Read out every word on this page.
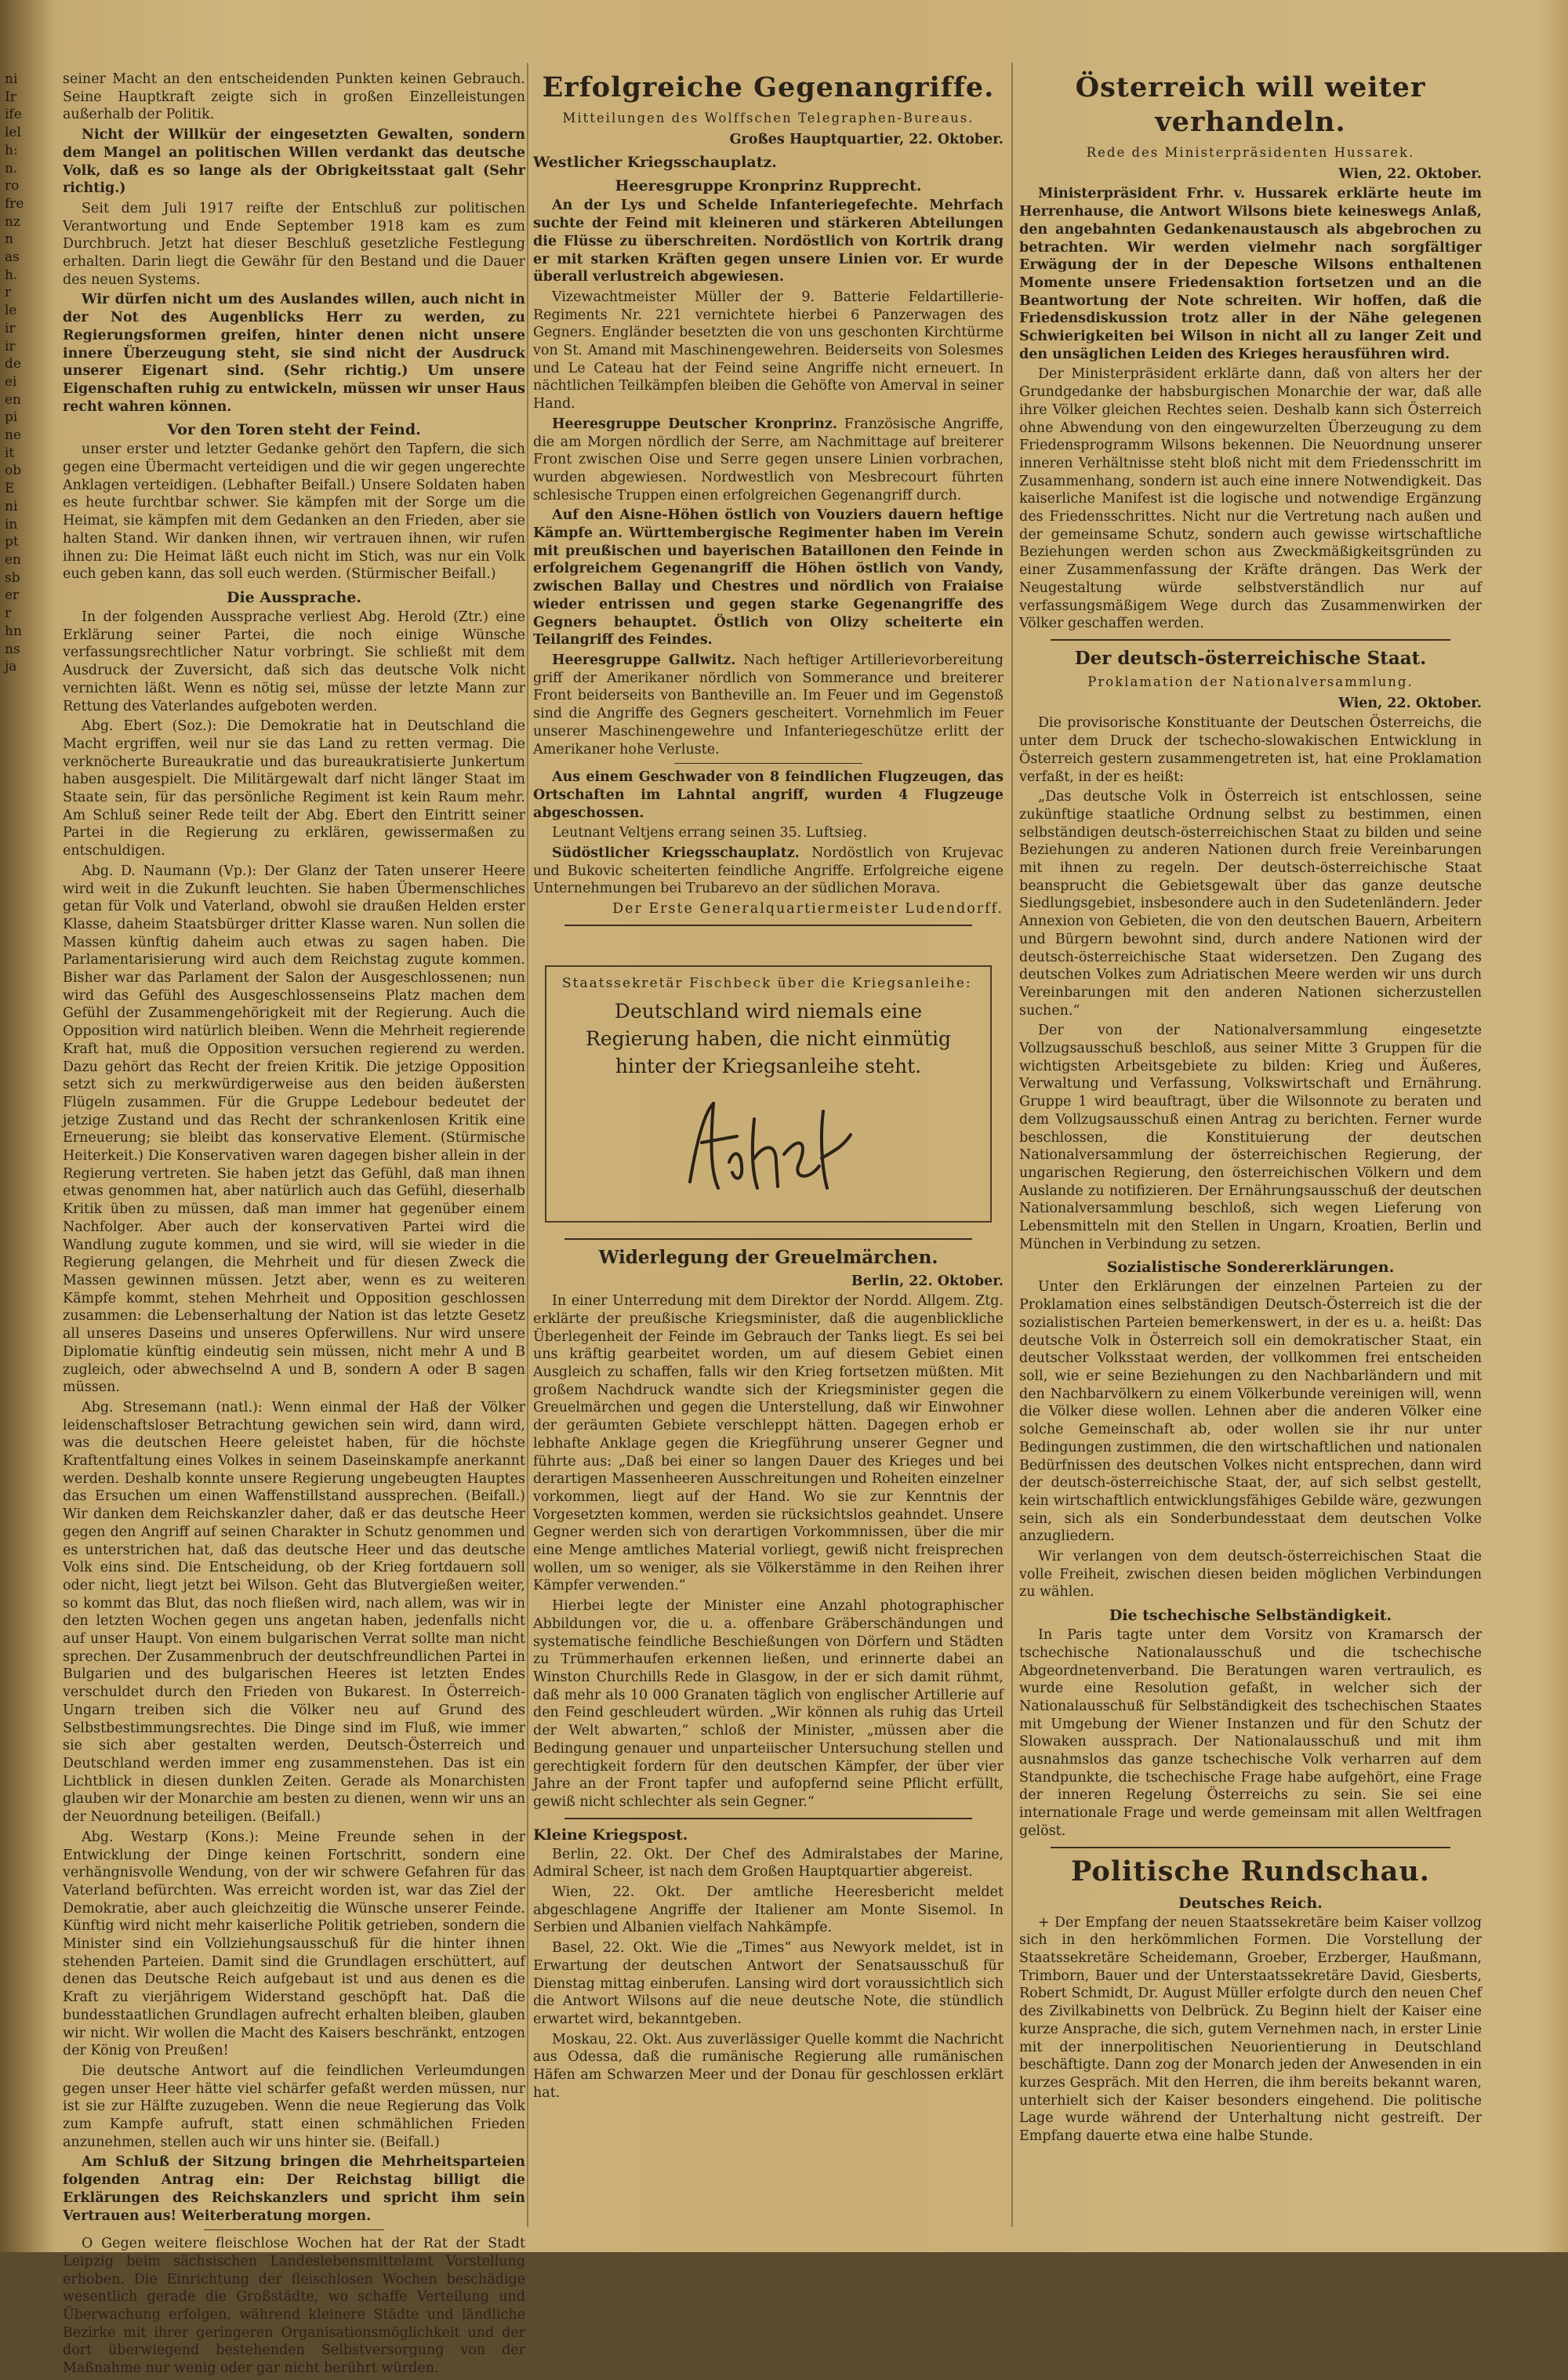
ni
Ir
ife
lel
h:
n.
ro
fre
nz
n
as
h.
r
le
ir
ir
de
ei
en
pi
ne
it
ob
E
ni
in
pt
en
sb
er
r
hn
ns
ja

seiner Macht an den entscheidenden Punkten keinen Gebrauch. Seine Hauptkraft zeigte sich in großen Einzelleistungen außerhalb der Politik.

Nicht der Willkür der eingesetzten Gewalten, sondern dem Mangel an politischen Willen verdankt das deutsche Volk, daß es so lange als der Obrigkeitsstaat galt (Sehr richtig.)

Seit dem Juli 1917 reifte der Entschluß zur politischen Verantwortung und Ende September 1918 kam es zum Durchbruch. Jetzt hat dieser Beschluß gesetzliche Festlegung erhalten. Darin liegt die Gewähr für den Bestand und die Dauer des neuen Systems.

Wir dürfen nicht um des Auslandes willen, auch nicht in der Not des Augenblicks Herr zu werden, zu Regierungsformen greifen, hinter denen nicht unsere innere Überzeugung steht, sie sind nicht der Ausdruck unserer Eigenart sind. (Sehr richtig.) Um unsere Eigenschaften ruhig zu entwickeln, müssen wir unser Haus recht wahren können.

Vor den Toren steht der Feind.

unser erster und letzter Gedanke gehört den Tapfern, die sich gegen eine Übermacht verteidigen und die wir gegen ungerechte Anklagen verteidigen. (Lebhafter Beifall.) Unsere Soldaten haben es heute furchtbar schwer. Sie kämpfen mit der Sorge um die Heimat, sie kämpfen mit dem Gedanken an den Frieden, aber sie halten Stand. Wir danken ihnen, wir vertrauen ihnen, wir rufen ihnen zu: Die Heimat läßt euch nicht im Stich, was nur ein Volk euch geben kann, das soll euch werden. (Stürmischer Beifall.)

Die Aussprache.

In der folgenden Aussprache verliest Abg. Herold (Ztr.) eine Erklärung seiner Partei, die noch einige Wünsche verfassungsrechtlicher Natur vorbringt. Sie schließt mit dem Ausdruck der Zuversicht, daß sich das deutsche Volk nicht vernichten läßt. Wenn es nötig sei, müsse der letzte Mann zur Rettung des Vaterlandes aufgeboten werden.

Abg. Ebert (Soz.): Die Demokratie hat in Deutschland die Macht ergriffen, weil nur sie das Land zu retten vermag. Die verknöcherte Bureaukratie und das bureaukratisierte Junkertum haben ausgespielt. Die Militärgewalt darf nicht länger Staat im Staate sein, für das persönliche Regiment ist kein Raum mehr. Am Schluß seiner Rede teilt der Abg. Ebert den Eintritt seiner Partei in die Regierung zu erklären, gewissermaßen zu entschuldigen.

Abg. D. Naumann (Vp.): Der Glanz der Taten unserer Heere wird weit in die Zukunft leuchten. Sie haben Übermenschliches getan für Volk und Vaterland, obwohl sie draußen Helden erster Klasse, daheim Staatsbürger dritter Klasse waren. Nun sollen die Massen künftig daheim auch etwas zu sagen haben. Die Parlamentarisierung wird auch dem Reichstag zugute kommen. Bisher war das Parlament der Salon der Ausgeschlossenen; nun wird das Gefühl des Ausgeschlossenseins Platz machen dem Gefühl der Zusammengehörigkeit mit der Regierung. Auch die Opposition wird natürlich bleiben. Wenn die Mehrheit regierende Kraft hat, muß die Opposition versuchen regierend zu werden. Dazu gehört das Recht der freien Kritik. Die jetzige Opposition setzt sich zu merkwürdigerweise aus den beiden äußersten Flügeln zusammen. Für die Gruppe Ledebour bedeutet der jetzige Zustand und das Recht der schrankenlosen Kritik eine Erneuerung; sie bleibt das konservative Element. (Stürmische Heiterkeit.) Die Konservativen waren dagegen bisher allein in der Regierung vertreten. Sie haben jetzt das Gefühl, daß man ihnen etwas genommen hat, aber natürlich auch das Gefühl, dieserhalb Kritik üben zu müssen, daß man immer hat gegenüber einem Nachfolger. Aber auch der konservativen Partei wird die Wandlung zugute kommen, und sie wird, will sie wieder in die Regierung gelangen, die Mehrheit und für diesen Zweck die Massen gewinnen müssen. Jetzt aber, wenn es zu weiteren Kämpfe kommt, stehen Mehrheit und Opposition geschlossen zusammen: die Lebenserhaltung der Nation ist das letzte Gesetz all unseres Daseins und unseres Opferwillens. Nur wird unsere Diplomatie künftig eindeutig sein müssen, nicht mehr A und B zugleich, oder abwechselnd A und B, sondern A oder B sagen müssen.

Abg. Stresemann (natl.): Wenn einmal der Haß der Völker leidenschaftsloser Betrachtung gewichen sein wird, dann wird, was die deutschen Heere geleistet haben, für die höchste Kraftentfaltung eines Volkes in seinem Daseinskampfe anerkannt werden. Deshalb konnte unsere Regierung ungebeugten Hauptes das Ersuchen um einen Waffenstillstand aussprechen. (Beifall.) Wir danken dem Reichskanzler daher, daß er das deutsche Heer gegen den Angriff auf seinen Charakter in Schutz genommen und es unterstrichen hat, daß das deutsche Heer und das deutsche Volk eins sind. Die Entscheidung, ob der Krieg fortdauern soll oder nicht, liegt jetzt bei Wilson. Geht das Blutvergießen weiter, so kommt das Blut, das noch fließen wird, nach allem, was wir in den letzten Wochen gegen uns angetan haben, jedenfalls nicht auf unser Haupt. Von einem bulgarischen Verrat sollte man nicht sprechen. Der Zusammenbruch der deutschfreundlichen Partei in Bulgarien und des bulgarischen Heeres ist letzten Endes verschuldet durch den Frieden von Bukarest. In Österreich-Ungarn treiben sich die Völker neu auf Grund des Selbstbestimmungsrechtes. Die Dinge sind im Fluß, wie immer sie sich aber gestalten werden, Deutsch-Österreich und Deutschland werden immer eng zusammenstehen. Das ist ein Lichtblick in diesen dunklen Zeiten. Gerade als Monarchisten glauben wir der Monarchie am besten zu dienen, wenn wir uns an der Neuordnung beteiligen. (Beifall.)

Abg. Westarp (Kons.): Meine Freunde sehen in der Entwicklung der Dinge keinen Fortschritt, sondern eine verhängnisvolle Wendung, von der wir schwere Gefahren für das Vaterland befürchten. Was erreicht worden ist, war das Ziel der Demokratie, aber auch gleichzeitig die Wünsche unserer Feinde. Künftig wird nicht mehr kaiserliche Politik getrieben, sondern die Minister sind ein Vollziehungsausschuß für die hinter ihnen stehenden Parteien. Damit sind die Grundlagen erschüttert, auf denen das Deutsche Reich aufgebaut ist und aus denen es die Kraft zu vierjährigem Widerstand geschöpft hat. Daß die bundesstaatlichen Grundlagen aufrecht erhalten bleiben, glauben wir nicht. Wir wollen die Macht des Kaisers beschränkt, entzogen der König von Preußen!

Die deutsche Antwort auf die feindlichen Verleumdungen gegen unser Heer hätte viel schärfer gefaßt werden müssen, nur ist sie zur Hälfte zuzugeben. Wenn die neue Regierung das Volk zum Kampfe aufruft, statt einen schmählichen Frieden anzunehmen, stellen auch wir uns hinter sie. (Beifall.)

Am Schluß der Sitzung bringen die Mehrheitsparteien folgenden Antrag ein: Der Reichstag billigt die Erklärungen des Reichskanzlers und spricht ihm sein Vertrauen aus! Weiterberatung morgen.

O Gegen weitere fleischlose Wochen hat der Rat der Stadt Leipzig beim sächsischen Landeslebensmittelamt Vorstellung erhoben. Die Einrichtung der fleischlosen Wochen beschädige wesentlich gerade die Großstädte, wo schaffe Verteilung und Überwachung erfolgen, während kleinere Städte und ländliche Bezirke mit ihrer geringeren Organisationsmöglichkeit und der dort überwiegend bestehenden Selbstversorgung von der Maßnahme nur wenig oder gar nicht berührt würden.

Erfolgreiche Gegenangriffe.

Mitteilungen des Wolffschen Telegraphen-Bureaus.

Großes Hauptquartier, 22. Oktober.

Westlicher Kriegsschauplatz.
Heeresgruppe Kronprinz Rupprecht.

An der Lys und Schelde Infanteriegefechte. Mehrfach suchte der Feind mit kleineren und stärkeren Abteilungen die Flüsse zu überschreiten. Nordöstlich von Kortrik drang er mit starken Kräften gegen unsere Linien vor. Er wurde überall verlustreich abgewiesen.

Vizewachtmeister Müller der 9. Batterie Feldartillerie-Regiments Nr. 221 vernichtete hierbei 6 Panzerwagen des Gegners. Engländer besetzten die von uns geschonten Kirchtürme von St. Amand mit Maschinengewehren. Beiderseits von Solesmes und Le Cateau hat der Feind seine Angriffe nicht erneuert. In nächtlichen Teilkämpfen bleiben die Gehöfte von Amerval in seiner Hand.

Heeresgruppe Deutscher Kronprinz. Französische Angriffe, die am Morgen nördlich der Serre, am Nachmittage auf breiterer Front zwischen Oise und Serre gegen unsere Linien vorbrachen, wurden abgewiesen. Nordwestlich von Mesbrecourt führten schlesische Truppen einen erfolgreichen Gegenangriff durch.

Auf den Aisne-Höhen östlich von Vouziers dauern heftige Kämpfe an. Württembergische Regimenter haben im Verein mit preußischen und bayerischen Bataillonen den Feinde in erfolgreichem Gegenangriff die Höhen östlich von Vandy, zwischen Ballay und Chestres und nördlich von Fraiaise wieder entrissen und gegen starke Gegenangriffe des Gegners behauptet. Östlich von Olizy scheiterte ein Teilangriff des Feindes.

Heeresgruppe Gallwitz. Nach heftiger Artillerievorbereitung griff der Amerikaner nördlich von Sommerance und breiterer Front beiderseits von Bantheville an. Im Feuer und im Gegenstoß sind die Angriffe des Gegners gescheitert. Vornehmlich im Feuer unserer Maschinengewehre und Infanteriegeschütze erlitt der Amerikaner hohe Verluste.

Aus einem Geschwader von 8 feindlichen Flugzeugen, das Ortschaften im Lahntal angriff, wurden 4 Flugzeuge abgeschossen.

Leutnant Veltjens errang seinen 35. Luftsieg.

Südöstlicher Kriegsschauplatz. Nordöstlich von Krujevac und Bukovic scheiterten feindliche Angriffe. Erfolgreiche eigene Unternehmungen bei Trubarevo an der südlichen Morava.

Der Erste Generalquartiermeister Ludendorff.

Staatssekretär Fischbeck über die Kriegsanleihe:

Deutschland wird niemals eine Regierung haben, die nicht einmütig hinter der Kriegsanleihe steht.

Widerlegung der Greuelmärchen.

Berlin, 22. Oktober.

In einer Unterredung mit dem Direktor der Nordd. Allgem. Ztg. erklärte der preußische Kriegsminister, daß die augenblickliche Überlegenheit der Feinde im Gebrauch der Tanks liegt. Es sei bei uns kräftig gearbeitet worden, um auf diesem Gebiet einen Ausgleich zu schaffen, falls wir den Krieg fortsetzen müßten. Mit großem Nachdruck wandte sich der Kriegsminister gegen die Greuelmärchen und gegen die Unterstellung, daß wir Einwohner der geräumten Gebiete verschleppt hätten. Dagegen erhob er lebhafte Anklage gegen die Kriegführung unserer Gegner und führte aus: „Daß bei einer so langen Dauer des Krieges und bei derartigen Massenheeren Ausschreitungen und Roheiten einzelner vorkommen, liegt auf der Hand. Wo sie zur Kenntnis der Vorgesetzten kommen, werden sie rücksichtslos geahndet. Unsere Gegner werden sich von derartigen Vorkommnissen, über die mir eine Menge amtliches Material vorliegt, gewiß nicht freisprechen wollen, um so weniger, als sie Völkerstämme in den Reihen ihrer Kämpfer verwenden.“

Hierbei legte der Minister eine Anzahl photographischer Abbildungen vor, die u. a. offenbare Gräberschändungen und systematische feindliche Beschießungen von Dörfern und Städten zu Trümmerhaufen erkennen ließen, und erinnerte dabei an Winston Churchills Rede in Glasgow, in der er sich damit rühmt, daß mehr als 10 000 Granaten täglich von englischer Artillerie auf den Feind geschleudert würden. „Wir können als ruhig das Urteil der Welt abwarten,“ schloß der Minister, „müssen aber die Bedingung genauer und unparteiischer Untersuchung stellen und gerechtigkeit fordern für den deutschen Kämpfer, der über vier Jahre an der Front tapfer und aufopfernd seine Pflicht erfüllt, gewiß nicht schlechter als sein Gegner.“

Kleine Kriegspost.

Berlin, 22. Okt. Der Chef des Admiralstabes der Marine, Admiral Scheer, ist nach dem Großen Hauptquartier abgereist.

Wien, 22. Okt. Der amtliche Heeresbericht meldet abgeschlagene Angriffe der Italiener am Monte Sisemol. In Serbien und Albanien vielfach Nahkämpfe.

Basel, 22. Okt. Wie die „Times“ aus Newyork meldet, ist in Erwartung der deutschen Antwort der Senatsausschuß für Dienstag mittag einberufen. Lansing wird dort voraussichtlich sich die Antwort Wilsons auf die neue deutsche Note, die stündlich erwartet wird, bekanntgeben.

Moskau, 22. Okt. Aus zuverlässiger Quelle kommt die Nachricht aus Odessa, daß die rumänische Regierung alle rumänischen Häfen am Schwarzen Meer und der Donau für geschlossen erklärt hat.

Österreich will weiter verhandeln.

Rede des Ministerpräsidenten Hussarek.

Wien, 22. Oktober.

Ministerpräsident Frhr. v. Hussarek erklärte heute im Herrenhause, die Antwort Wilsons biete keineswegs Anlaß, den angebahnten Gedankenaustausch als abgebrochen zu betrachten. Wir werden vielmehr nach sorgfältiger Erwägung der in der Depesche Wilsons enthaltenen Momente unsere Friedensaktion fortsetzen und an die Beantwortung der Note schreiten. Wir hoffen, daß die Friedensdiskussion trotz aller in der Nähe gelegenen Schwierigkeiten bei Wilson in nicht all zu langer Zeit und den unsäglichen Leiden des Krieges herausführen wird.

Der Ministerpräsident erklärte dann, daß von alters her der Grundgedanke der habsburgischen Monarchie der war, daß alle ihre Völker gleichen Rechtes seien. Deshalb kann sich Österreich ohne Abwendung von den eingewurzelten Überzeugung zu dem Friedensprogramm Wilsons bekennen. Die Neuordnung unserer inneren Verhältnisse steht bloß nicht mit dem Friedensschritt im Zusammenhang, sondern ist auch eine innere Notwendigkeit. Das kaiserliche Manifest ist die logische und notwendige Ergänzung des Friedensschrittes. Nicht nur die Vertretung nach außen und der gemeinsame Schutz, sondern auch gewisse wirtschaftliche Beziehungen werden schon aus Zweckmäßigkeitsgründen zu einer Zusammenfassung der Kräfte drängen. Das Werk der Neugestaltung würde selbstverständlich nur auf verfassungsmäßigem Wege durch das Zusammenwirken der Völker geschaffen werden.

Der deutsch-österreichische Staat.

Proklamation der Nationalversammlung.

Wien, 22. Oktober.

Die provisorische Konstituante der Deutschen Österreichs, die unter dem Druck der tschecho-slowakischen Entwicklung in Österreich gestern zusammengetreten ist, hat eine Proklamation verfaßt, in der es heißt:

„Das deutsche Volk in Österreich ist entschlossen, seine zukünftige staatliche Ordnung selbst zu bestimmen, einen selbständigen deutsch-österreichischen Staat zu bilden und seine Beziehungen zu anderen Nationen durch freie Vereinbarungen mit ihnen zu regeln. Der deutsch-österreichische Staat beansprucht die Gebietsgewalt über das ganze deutsche Siedlungsgebiet, insbesondere auch in den Sudetenländern. Jeder Annexion von Gebieten, die von den deutschen Bauern, Arbeitern und Bürgern bewohnt sind, durch andere Nationen wird der deutsch-österreichische Staat widersetzen. Den Zugang des deutschen Volkes zum Adriatischen Meere werden wir uns durch Vereinbarungen mit den anderen Nationen sicherzustellen suchen.“

Der von der Nationalversammlung eingesetzte Vollzugsausschuß beschloß, aus seiner Mitte 3 Gruppen für die wichtigsten Arbeitsgebiete zu bilden: Krieg und Äußeres, Verwaltung und Verfassung, Volkswirtschaft und Ernährung. Gruppe 1 wird beauftragt, über die Wilsonnote zu beraten und dem Vollzugsausschuß einen Antrag zu berichten. Ferner wurde beschlossen, die Konstituierung der deutschen Nationalversammlung der österreichischen Regierung, der ungarischen Regierung, den österreichischen Völkern und dem Auslande zu notifizieren. Der Ernährungsausschuß der deutschen Nationalversammlung beschloß, sich wegen Lieferung von Lebensmitteln mit den Stellen in Ungarn, Kroatien, Berlin und München in Verbindung zu setzen.

Sozialistische Sondererklärungen.

Unter den Erklärungen der einzelnen Parteien zu der Proklamation eines selbständigen Deutsch-Österreich ist die der sozialistischen Parteien bemerkenswert, in der es u. a. heißt: Das deutsche Volk in Österreich soll ein demokratischer Staat, ein deutscher Volksstaat werden, der vollkommen frei entscheiden soll, wie er seine Beziehungen zu den Nachbarländern und mit den Nachbarvölkern zu einem Völkerbunde vereinigen will, wenn die Völker diese wollen. Lehnen aber die anderen Völker eine solche Gemeinschaft ab, oder wollen sie ihr nur unter Bedingungen zustimmen, die den wirtschaftlichen und nationalen Bedürfnissen des deutschen Volkes nicht entsprechen, dann wird der deutsch-österreichische Staat, der, auf sich selbst gestellt, kein wirtschaftlich entwicklungsfähiges Gebilde wäre, gezwungen sein, sich als ein Sonderbundesstaat dem deutschen Volke anzugliedern.

Wir verlangen von dem deutsch-österreichischen Staat die volle Freiheit, zwischen diesen beiden möglichen Verbindungen zu wählen.

Die tschechische Selbständigkeit.

In Paris tagte unter dem Vorsitz von Kramarsch der tschechische Nationalausschuß und die tschechische Abgeordnetenverband. Die Beratungen waren vertraulich, es wurde eine Resolution gefaßt, in welcher sich der Nationalausschuß für Selbständigkeit des tschechischen Staates mit Umgebung der Wiener Instanzen und für den Schutz der Slowaken aussprach. Der Nationalausschuß und mit ihm ausnahmslos das ganze tschechische Volk verharren auf dem Standpunkte, die tschechische Frage habe aufgehört, eine Frage der inneren Regelung Österreichs zu sein. Sie sei eine internationale Frage und werde gemeinsam mit allen Weltfragen gelöst.

Politische Rundschau.
Deutsches Reich.

+ Der Empfang der neuen Staatssekretäre beim Kaiser vollzog sich in den herkömmlichen Formen. Die Vorstellung der Staatssekretäre Scheidemann, Groeber, Erzberger, Haußmann, Trimborn, Bauer und der Unterstaatssekretäre David, Giesberts, Robert Schmidt, Dr. August Müller erfolgte durch den neuen Chef des Zivilkabinetts von Delbrück. Zu Beginn hielt der Kaiser eine kurze Ansprache, die sich, gutem Vernehmen nach, in erster Linie mit der innerpolitischen Neuorientierung in Deutschland beschäftigte. Dann zog der Monarch jeden der Anwesenden in ein kurzes Gespräch. Mit den Herren, die ihm bereits bekannt waren, unterhielt sich der Kaiser besonders eingehend. Die politische Lage wurde während der Unterhaltung nicht gestreift. Der Empfang dauerte etwa eine halbe Stunde.
